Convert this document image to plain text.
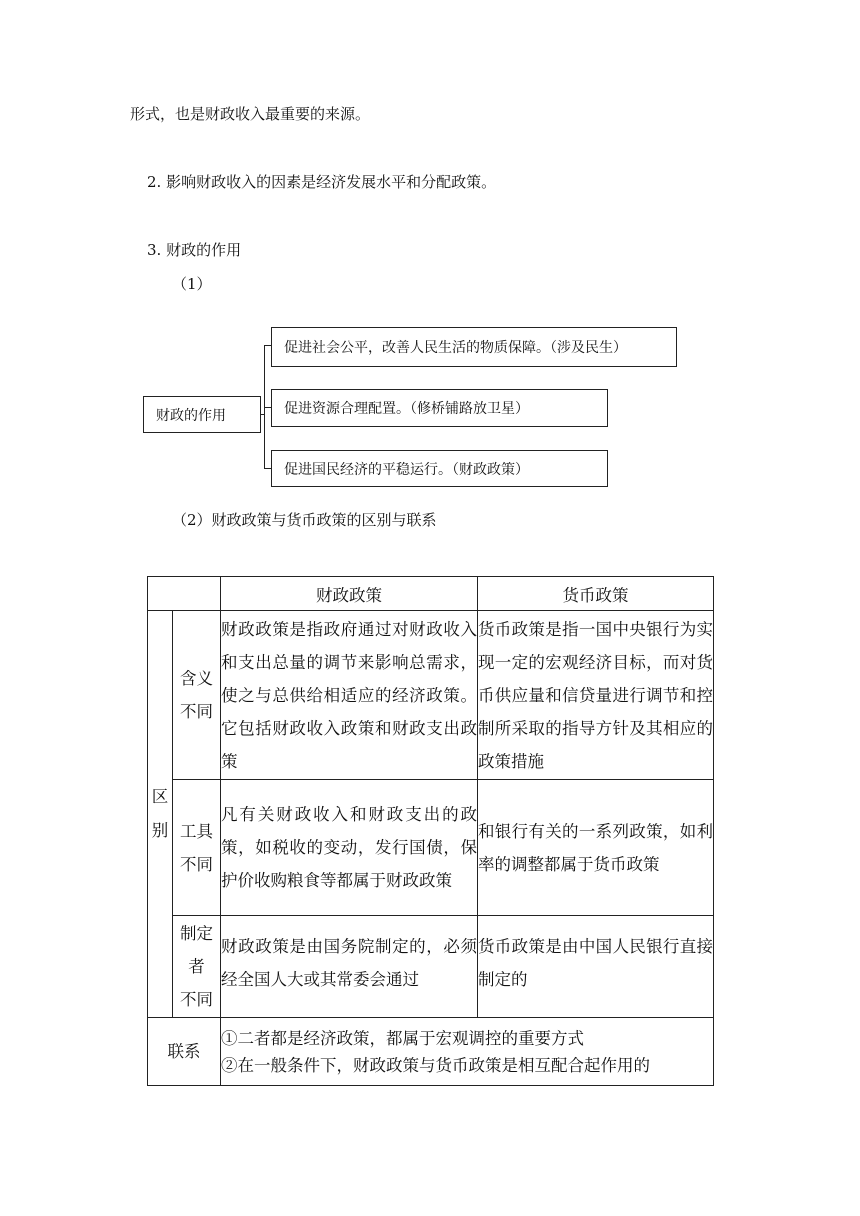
形式，也是财政收入最重要的来源。
2. 影响财政收入的因素是经济发展水平和分配政策。
3. 财政的作用
（1）
财政的作用
促进社会公平，改善人民生活的物质保障。（涉及民生）
促进资源合理配置。（修桥铺路放卫星）
促进国民经济的平稳运行。（财政政策）
（2）财政政策与货币政策的区别与联系
		财政政策	货币政策
区
别	含义
不同	财政政策是指政府通过对财政收入和支出总量的调节来影响总需求，使之与总供给相适应的经济政策。它包括财政收入政策和财政支出政策	货币政策是指一国中央银行为实现一定的宏观经济目标，而对货币供应量和信贷量进行调节和控制所采取的指导方针及其相应的政策措施
	工具
不同	凡有关财政收入和财政支出的政策，如税收的变动，发行国债，保护价收购粮食等都属于财政政策	和银行有关的一系列政策，如利率的调整都属于货币政策
	制定
者
不同	财政政策是由国务院制定的，必须经全国人大或其常委会通过	货币政策是由中国人民银行直接制定的
联系		①二者都是经济政策，都属于宏观调控的重要方式
②在一般条件下，财政政策与货币政策是相互配合起作用的	
